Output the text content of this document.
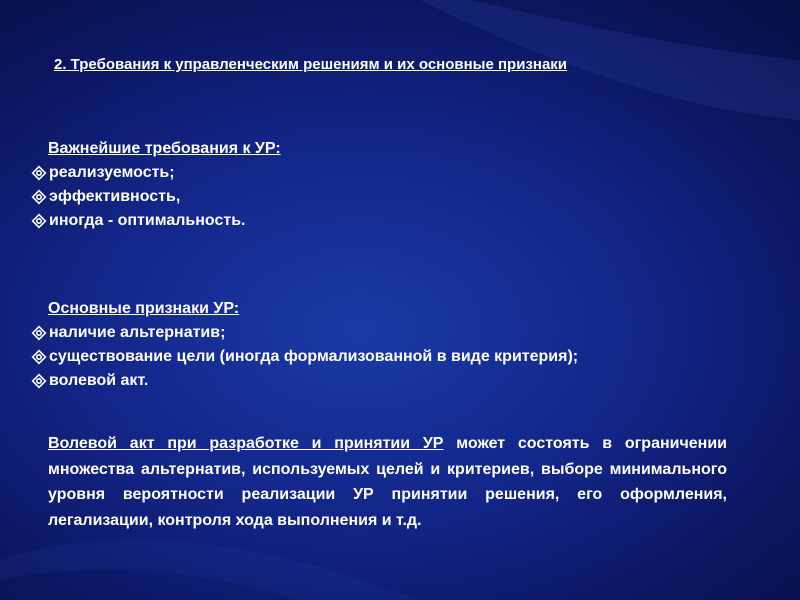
2. Требования к управленческим решениям и их основные признаки
Важнейшие требования к УР:
реализуемость;
эффективность,
иногда - оптимальность.
Основные признаки УР:
наличие альтернатив;
существование цели (иногда формализованной в виде критерия);
волевой акт.
Волевой акт при разработке и принятии УР может состоять в ограничении множества альтернатив, используемых целей и критериев, выборе минимального уровня вероятности реализации УР принятии решения, его оформления, легализации, контроля хода выполнения и т.д.
